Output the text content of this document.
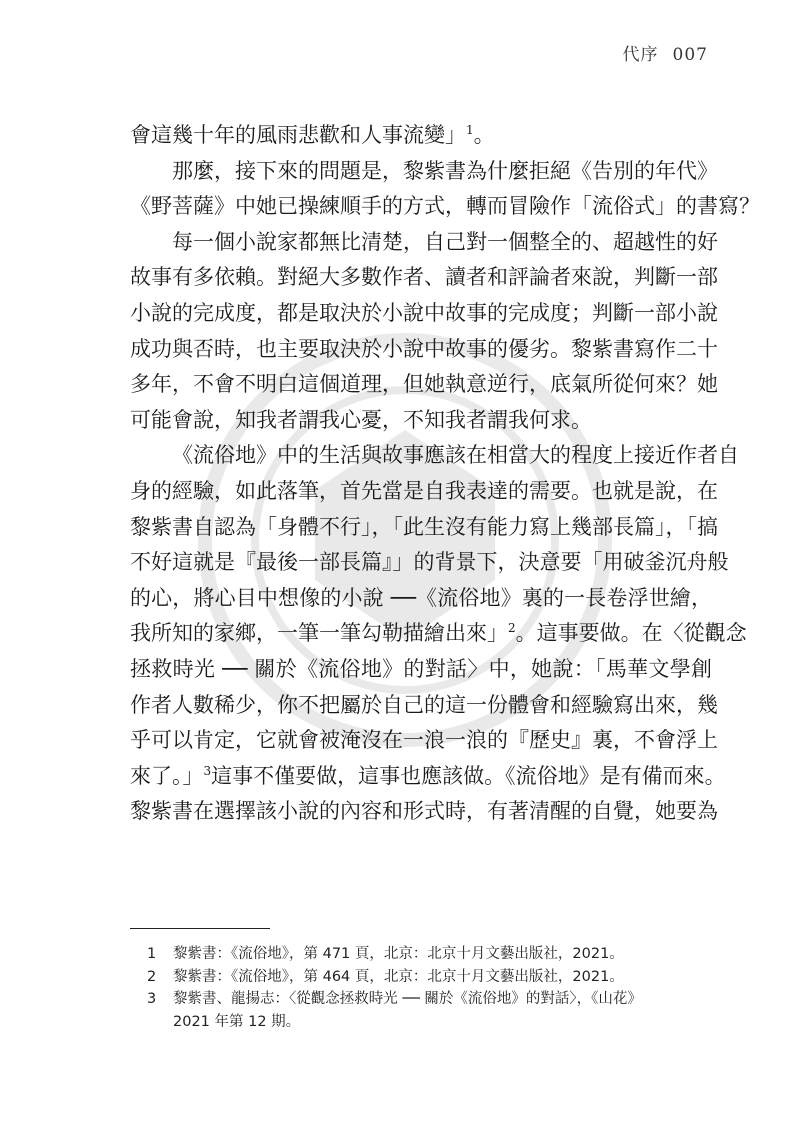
代序 007
會這幾十年的風雨悲歡和人事流變」$^1$。
那麼，接下來的問題是，黎紫書為什麼拒絕《告別的年代》
《野菩薩》中她已操練順手的方式，轉而冒險作「流俗式」的書寫？
每一個小說家都無比清楚，自己對一個整全的、超越性的好
故事有多依賴。對絕大多數作者、讀者和評論者來說，判斷一部
小說的完成度，都是取決於小說中故事的完成度；判斷一部小說
成功與否時，也主要取決於小說中故事的優劣。黎紫書寫作二十
多年，不會不明白這個道理，但她執意逆行，底氣所從何來？她
可能會說，知我者謂我心憂，不知我者謂我何求。
《流俗地》中的生活與故事應該在相當大的程度上接近作者自
身的經驗，如此落筆，首先當是自我表達的需要。也就是說，在
黎紫書自認為「身體不行」，「此生沒有能力寫上幾部長篇」，「搞
不好這就是『最後一部長篇』」的背景下，決意要「用破釜沉舟般
的心，將心目中想像的小說 ──《流俗地》裏的一長卷浮世繪，
我所知的家鄉，一筆一筆勾勒描繪出來」$^2$。這事要做。在〈從觀念
拯救時光 ── 關於《流俗地》的對話〉中，她說：「馬華文學創
作者人數稀少，你不把屬於自己的這一份體會和經驗寫出來，幾
乎可以肯定，它就會被淹沒在一浪一浪的『歷史』裏，不會浮上
來了。」$^3$這事不僅要做，這事也應該做。《流俗地》是有備而來。
黎紫書在選擇該小說的內容和形式時，有著清醒的自覺，她要為
1 黎紫書：《流俗地》，第 471 頁，北京：北京十月文藝出版社，2021。
2 黎紫書：《流俗地》，第 464 頁，北京：北京十月文藝出版社，2021。
3 黎紫書、龍揚志：〈從觀念拯救時光 ── 關於《流俗地》的對話〉，《山花》
2021 年第 12 期。
